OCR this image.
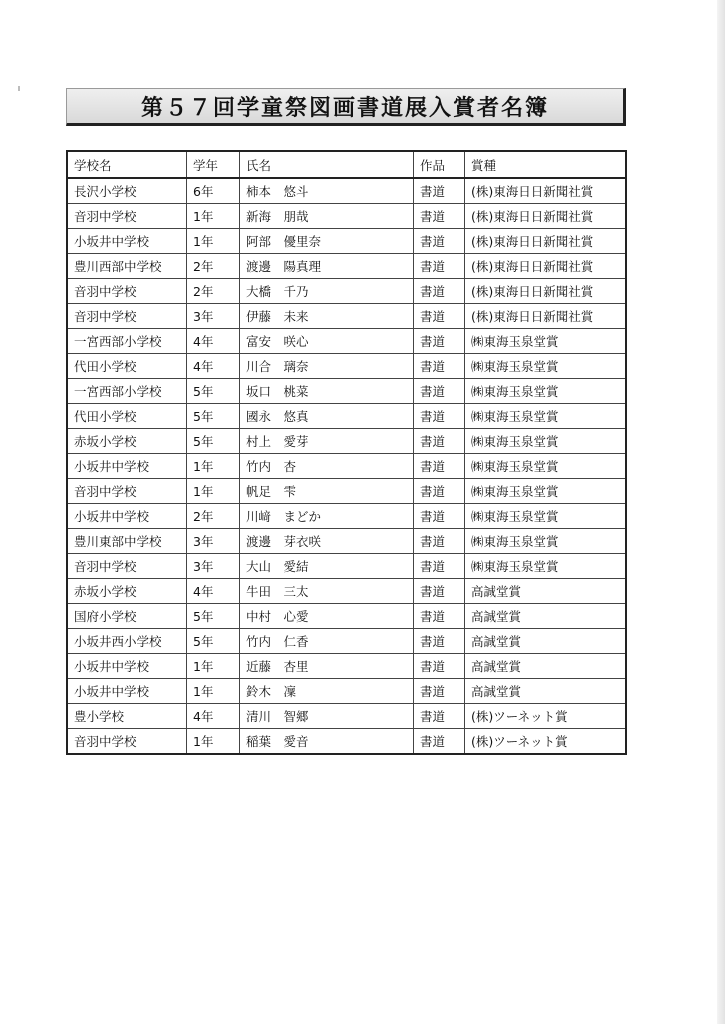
第５７回学童祭図画書道展入賞者名簿
学校名	学年	氏名	作品	賞種
長沢小学校	6年	柿本　悠斗	書道	(株)東海日日新聞社賞
音羽中学校	1年	新海　朋哉	書道	(株)東海日日新聞社賞
小坂井中学校	1年	阿部　優里奈	書道	(株)東海日日新聞社賞
豊川西部中学校	2年	渡邊　陽真理	書道	(株)東海日日新聞社賞
音羽中学校	2年	大橋　千乃	書道	(株)東海日日新聞社賞
音羽中学校	3年	伊藤　未来	書道	(株)東海日日新聞社賞
一宮西部小学校	4年	富安　咲心	書道	㈱東海玉泉堂賞
代田小学校	4年	川合　璃奈	書道	㈱東海玉泉堂賞
一宮西部小学校	5年	坂口　桃菜	書道	㈱東海玉泉堂賞
代田小学校	5年	國永　悠真	書道	㈱東海玉泉堂賞
赤坂小学校	5年	村上　愛芽	書道	㈱東海玉泉堂賞
小坂井中学校	1年	竹内　杏	書道	㈱東海玉泉堂賞
音羽中学校	1年	帆足　雫	書道	㈱東海玉泉堂賞
小坂井中学校	2年	川﨑　まどか	書道	㈱東海玉泉堂賞
豊川東部中学校	3年	渡邊　芽衣咲	書道	㈱東海玉泉堂賞
音羽中学校	3年	大山　愛結	書道	㈱東海玉泉堂賞
赤坂小学校	4年	牛田　三太	書道	高誠堂賞
国府小学校	5年	中村　心愛	書道	高誠堂賞
小坂井西小学校	5年	竹内　仁香	書道	高誠堂賞
小坂井中学校	1年	近藤　杏里	書道	高誠堂賞
小坂井中学校	1年	鈴木　凜	書道	高誠堂賞
豊小学校	4年	清川　智郷	書道	(株)ツーネット賞
音羽中学校	1年	稲葉　愛音	書道	(株)ツーネット賞
